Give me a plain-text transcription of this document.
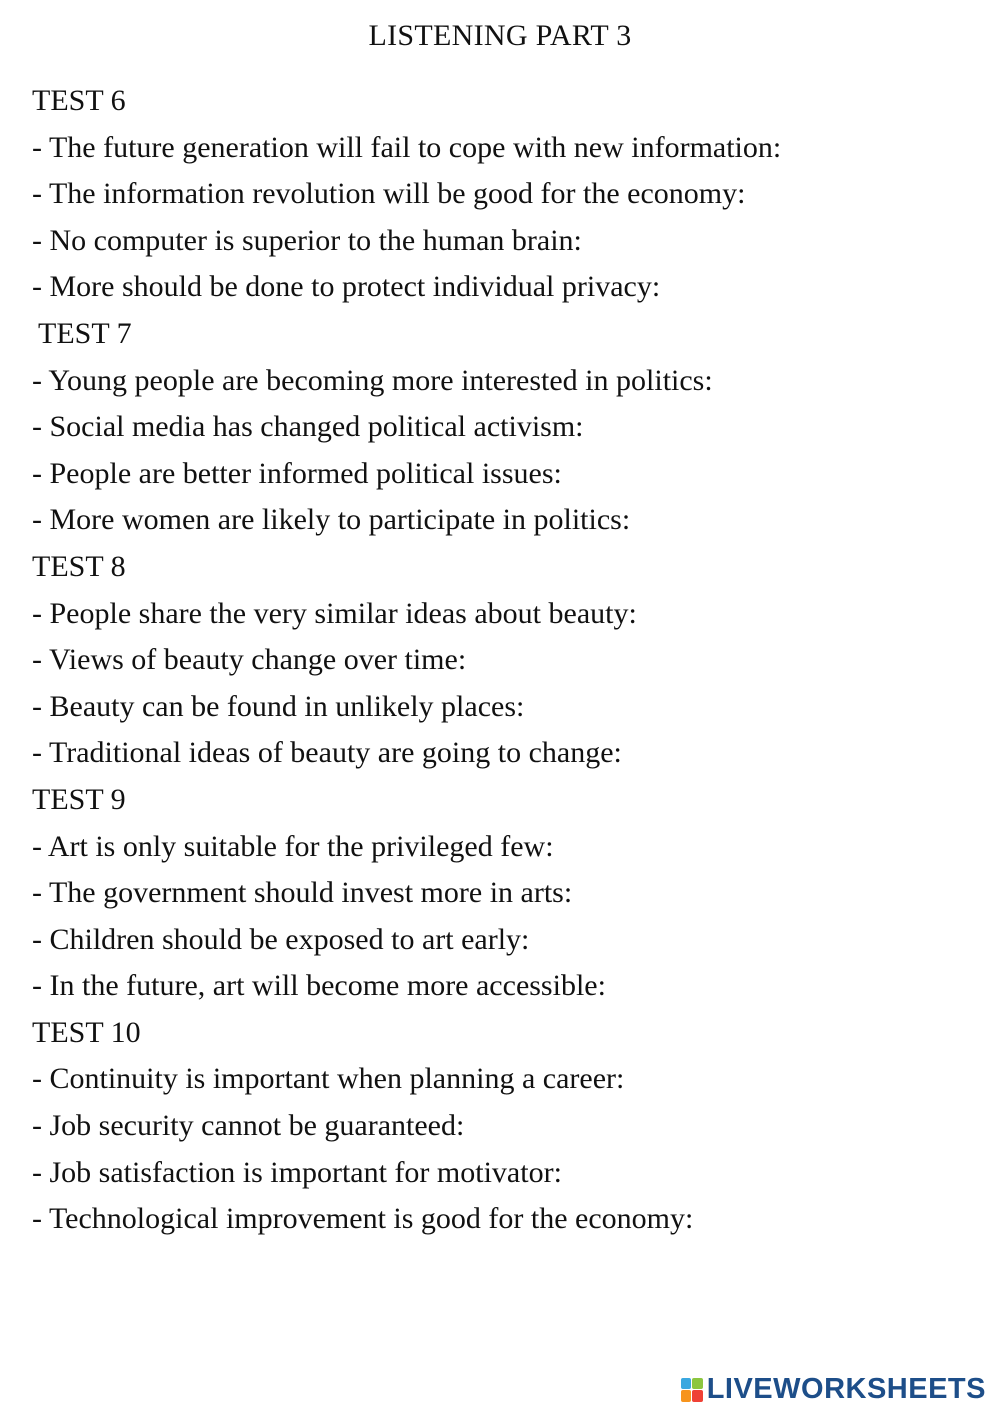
LISTENING PART 3
TEST 6
- The future generation will fail to cope with new information:
- The information revolution will be good for the economy:
- No computer is superior to the human brain:
- More should be done to protect individual privacy:
TEST 7
- Young people are becoming more interested in politics:
- Social media has changed political activism:
- People are better informed political issues:
- More women are likely to participate in politics:
TEST 8
- People share the very similar ideas about beauty:
- Views of beauty change over time:
- Beauty can be found in unlikely places:
- Traditional ideas of beauty are going to change:
TEST 9
- Art is only suitable for the privileged few:
- The government should invest more in arts:
- Children should be exposed to art early:
- In the future, art will become more accessible:
TEST 10
- Continuity is important when planning a career:
- Job security cannot be guaranteed:
- Job satisfaction is important for motivator:
- Technological improvement is good for the economy:
LIVEWORKSHEETS
